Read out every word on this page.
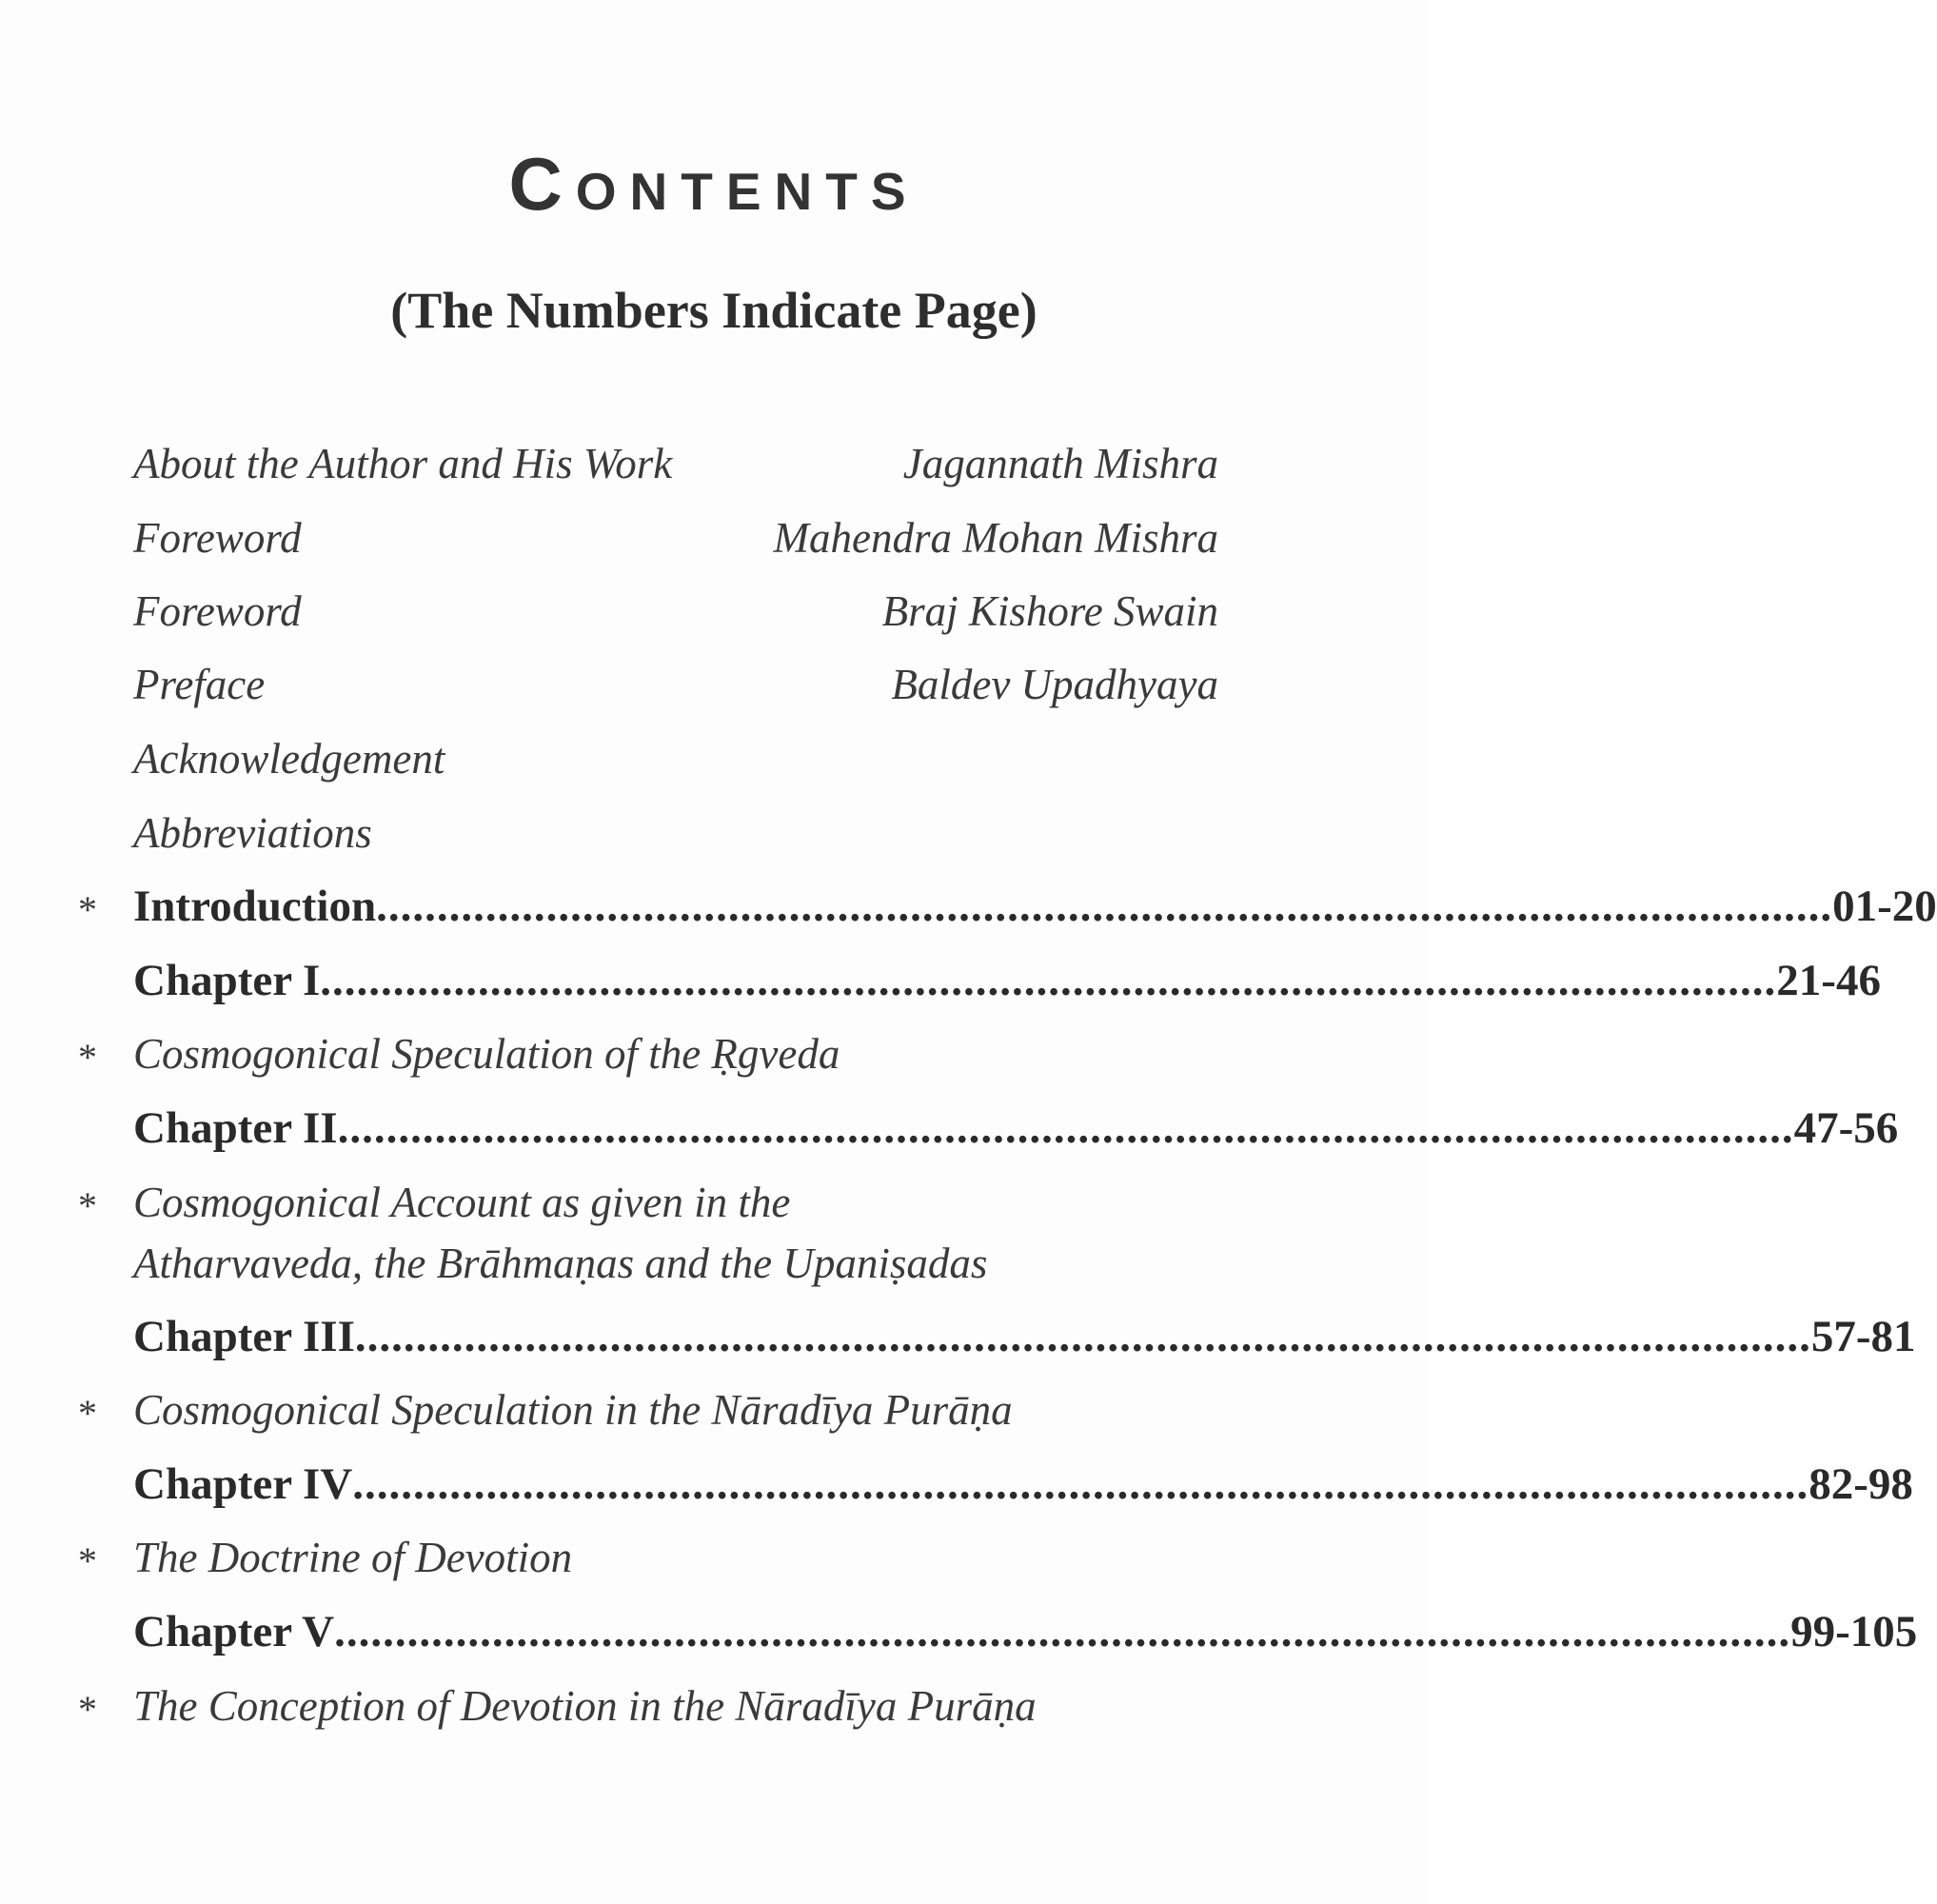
Contents
(The Numbers Indicate Page)
About the Author and His Work	Jagannath Mishra
Foreword	Mahendra Mohan Mishra
Foreword	Braj Kishore Swain
Preface	Baldev Upadhyaya
Acknowledgement
Abbreviations
* Introduction ........................................................................................................................ 01-20
Chapter I ........................................................................................................................ 21-46
* Cosmogonical Speculation of the Ṛgveda
Chapter II ........................................................................................................................ 47-56
* Cosmogonical Account as given in the
Atharvaveda, the Brāhmaṇas and the Upaniṣadas
Chapter III ........................................................................................................................ 57-81
* Cosmogonical Speculation in the Nāradīya Purāṇa
Chapter IV ........................................................................................................................ 82-98
* The Doctrine of Devotion
Chapter V ........................................................................................................................ 99-105
* The Conception of Devotion in the Nāradīya Purāṇa
